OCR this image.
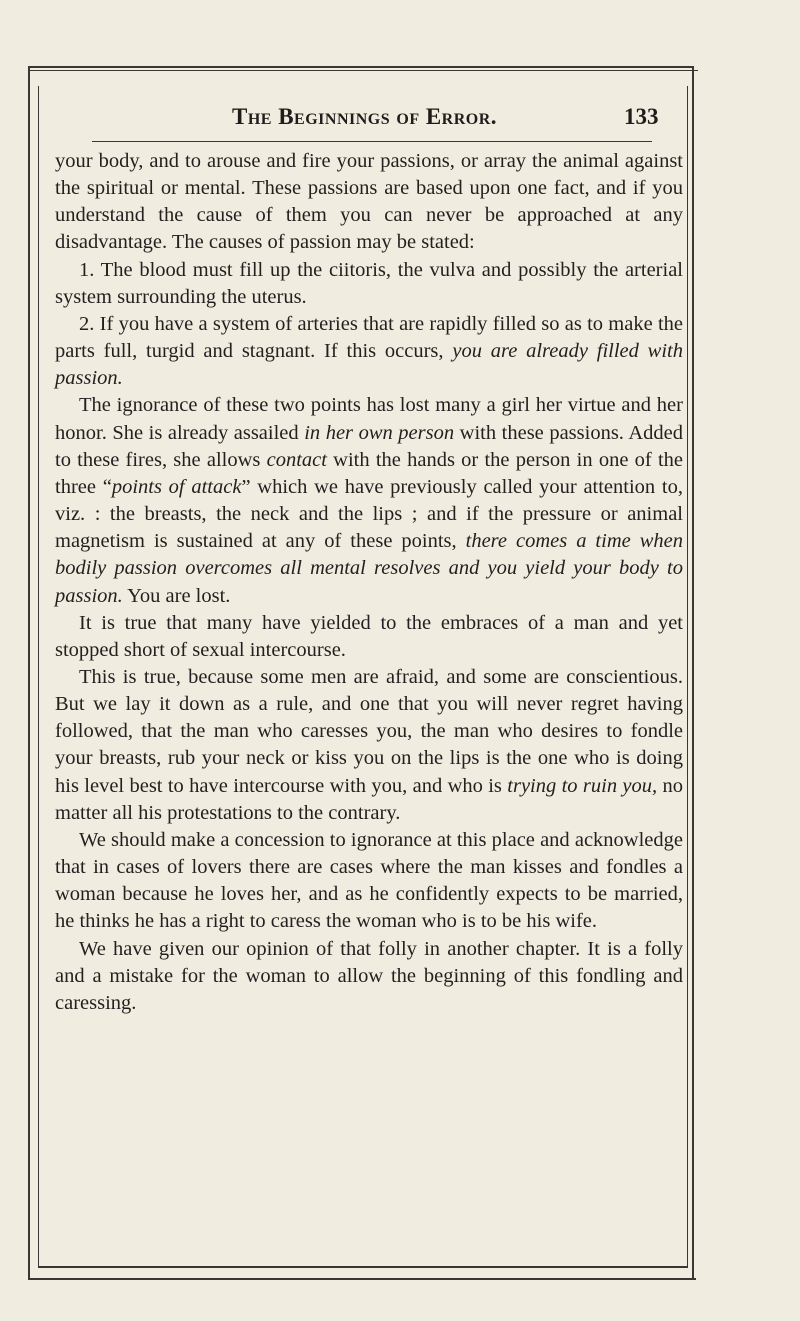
The Beginnings of Error.	133

your body, and to arouse and fire your passions, or array the animal against the spiritual or mental. These passions are based upon one fact, and if you understand the cause of them you can never be approached at any disadvantage. The causes of passion may be stated:

1. The blood must fill up the ciitoris, the vulva and possibly the arterial system surrounding the uterus.

2. If you have a system of arteries that are rapidly filled so as to make the parts full, turgid and stagnant. If this occurs, you are already filled with passion.

The ignorance of these two points has lost many a girl her virtue and her honor. She is already assailed in her own person with these passions. Added to these fires, she allows contact with the hands or the person in one of the three “points of attack” which we have previously called your attention to, viz. : the breasts, the neck and the lips ; and if the pressure or animal magnetism is sustained at any of these points, there comes a time when bodily passion overcomes all mental resolves and you yield your body to passion. You are lost.

It is true that many have yielded to the embraces of a man and yet stopped short of sexual intercourse.

This is true, because some men are afraid, and some are conscientious. But we lay it down as a rule, and one that you will never regret having followed, that the man who caresses you, the man who desires to fondle your breasts, rub your neck or kiss you on the lips is the one who is doing his level best to have intercourse with you, and who is trying to ruin you, no matter all his protestations to the contrary.

We should make a concession to ignorance at this place and acknowledge that in cases of lovers there are cases where the man kisses and fondles a woman because he loves her, and as he confidently expects to be married, he thinks he has a right to caress the woman who is to be his wife.

We have given our opinion of that folly in another chapter. It is a folly and a mistake for the woman to allow the beginning of this fondling and caressing.
